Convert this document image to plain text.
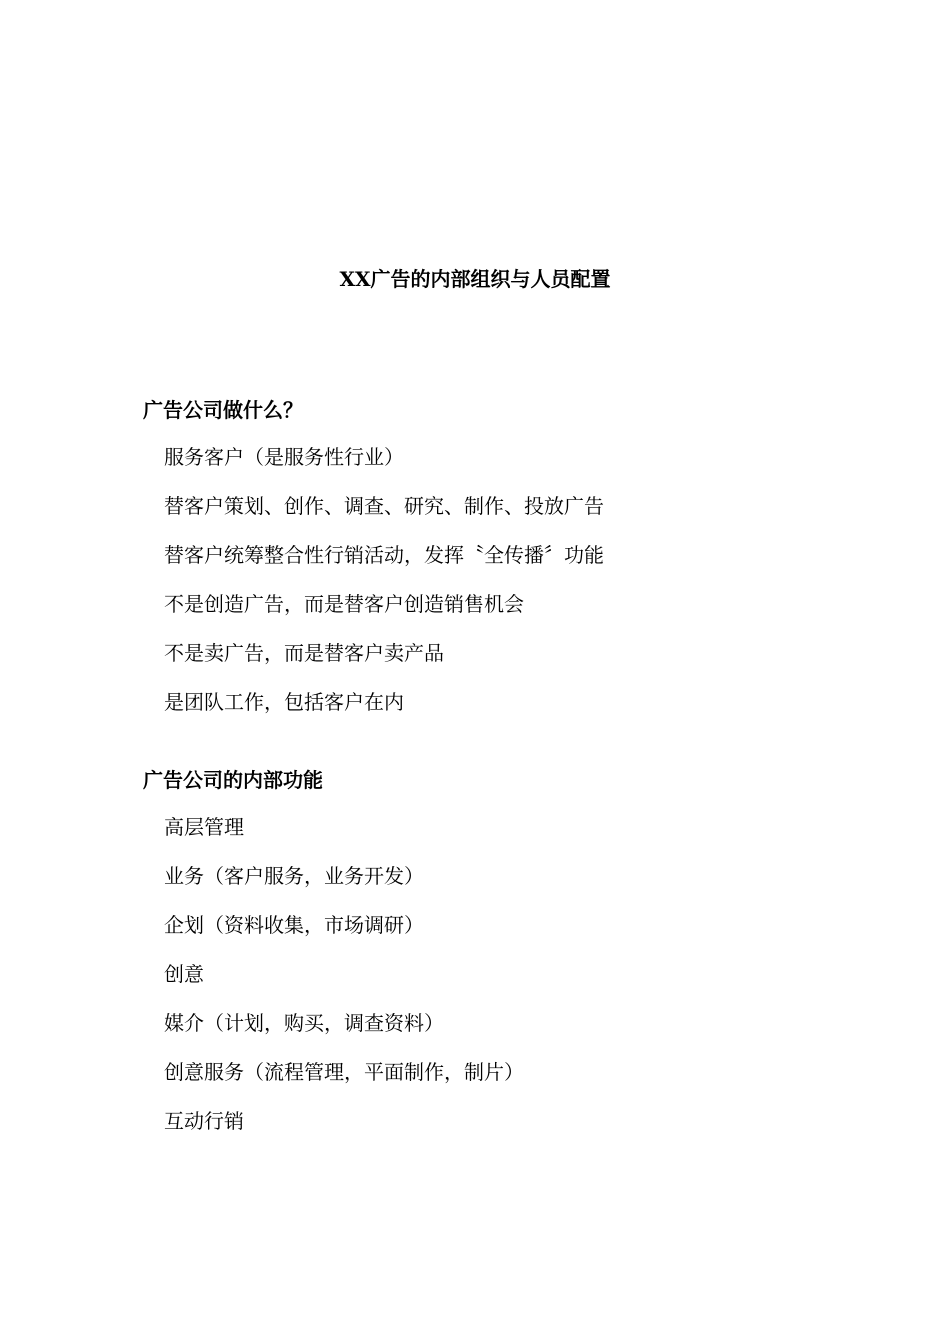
XX广告的内部组织与人员配置
广告公司做什么？
服务客户（是服务性行业）
替客户策划、创作、调查、研究、制作、投放广告
替客户统筹整合性行销活动，发挥〝全传播〞功能
不是创造广告，而是替客户创造销售机会
不是卖广告，而是替客户卖产品
是团队工作，包括客户在内
广告公司的内部功能
高层管理
业务（客户服务，业务开发）
企划（资料收集，市场调研）
创意
媒介（计划，购买，调查资料）
创意服务（流程管理，平面制作，制片）
互动行销
